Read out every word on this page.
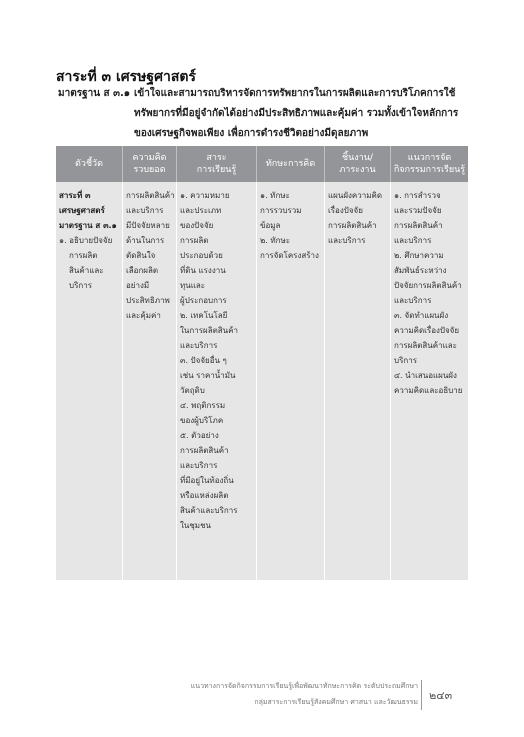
สาระที่ ๓ เศรษฐศาสตร์
มาตรฐาน ส ๓.๑ เข้าใจและสามารถบริหารจัดการทรัพยากรในการผลิตและการบริโภคการใช้
ทรัพยากรที่มีอยู่จำกัดได้อย่างมีประสิทธิภาพและคุ้มค่า รวมทั้งเข้าใจหลักการ
ของเศรษฐกิจพอเพียง เพื่อการดำรงชีวิตอย่างมีดุลยภาพ
ตัวชี้วัด
ความคิด
รวบยอด
สาระ
การเรียนรู้
ทักษะการคิด
ชิ้นงาน/
ภาระงาน
แนวการจัด
กิจกรรมการเรียนรู้
สาระที่ ๓
เศรษฐศาสตร์
มาตรฐาน ส ๓.๑
๑. อธิบายปัจจัย
การผลิต
สินค้าและ
บริการ
การผลิตสินค้า
และบริการ
มีปัจจัยหลาย
ด้านในการ
ตัดสินใจ
เลือกผลิต
อย่างมี
ประสิทธิภาพ
และคุ้มค่า
๑. ความหมาย
และประเภท
ของปัจจัย
การผลิต
ประกอบด้วย
ที่ดิน แรงงาน
ทุนและ
ผู้ประกอบการ
๒. เทคโนโลยี
ในการผลิตสินค้า
และบริการ
๓. ปัจจัยอื่น ๆ
เช่น ราคาน้ำมัน
วัตถุดิบ
๔. พฤติกรรม
ของผู้บริโภค
๕. ตัวอย่าง
การผลิตสินค้า
และบริการ
ที่มีอยู่ในท้องถิ่น
หรือแหล่งผลิต
สินค้าและบริการ
ในชุมชน
๑. ทักษะ
การรวบรวม
ข้อมูล
๒. ทักษะ
การจัดโครงสร้าง
แผนผังความคิด
เรื่องปัจจัย
การผลิตสินค้า
และบริการ
๑. การสำรวจ
และรวมปัจจัย
การผลิตสินค้า
และบริการ
๒. ศึกษาความ
สัมพันธ์ระหว่าง
ปัจจัยการผลิตสินค้า
และบริการ
๓. จัดทำแผนผัง
ความคิดเรื่องปัจจัย
การผลิตสินค้าและ
บริการ
๔. นำเสนอแผนผัง
ความคิดและอธิบาย
แนวทางการจัดกิจกรรมการเรียนรู้เพื่อพัฒนาทักษะการคิด ระดับประถมศึกษา
กลุ่มสาระการเรียนรู้สังคมศึกษา ศาสนา และวัฒนธรรม ๒๔๓
